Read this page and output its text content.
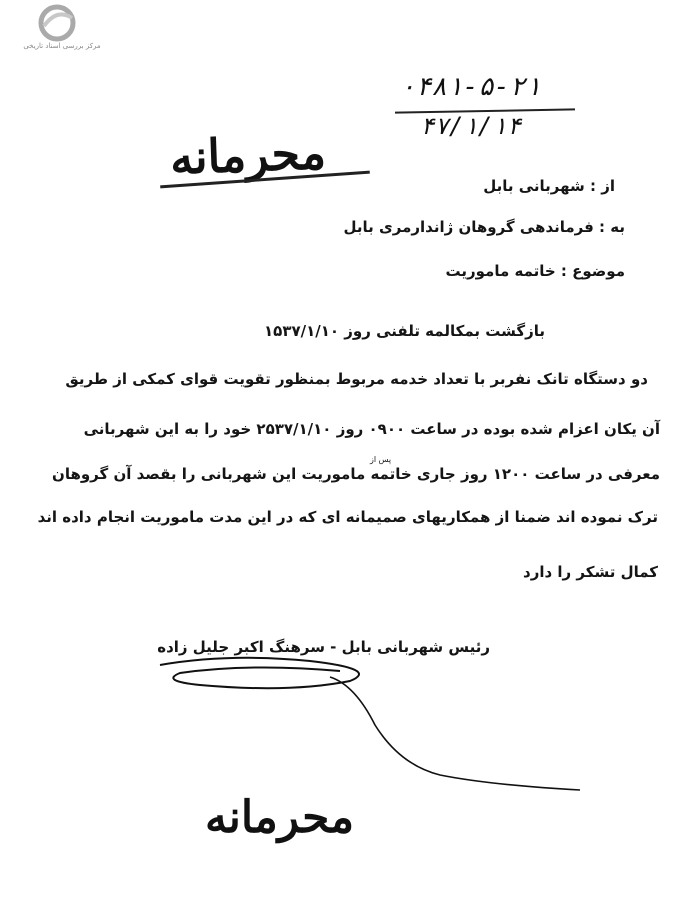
مرکز بررسی اسناد تاریخی
۰۴۸۱-۵-۲۱
۴۷/۱/۱۴
محرمانه
از : شهربانی بابل
به : فرماندهی گروهان ژاندارمری بابل
موضوع : خاتمه ماموریت
بازگشت بمکالمه تلفنی روز ۱۵۳۷/۱/۱۰
دو دستگاه تانک نفربر با تعداد خدمه مربوط بمنظور تقویت قوای کمکی از طریق
آن یکان اعزام شده بوده در ساعت ۰۹۰۰ روز ۲۵۳۷/۱/۱۰ خود را به این شهربانی
پس از
معرفی در ساعت ۱۲۰۰ روز جاری خاتمه ماموریت این شهربانی را بقصد آن گروهان
ترک نموده اند ضمنا از همکاریهای صمیمانه ای که در این مدت ماموریت انجام داده اند
کمال تشکر را دارد
رئیس شهربانی بابل - سرهنگ اکبر جلیل زاده
محرمانه
